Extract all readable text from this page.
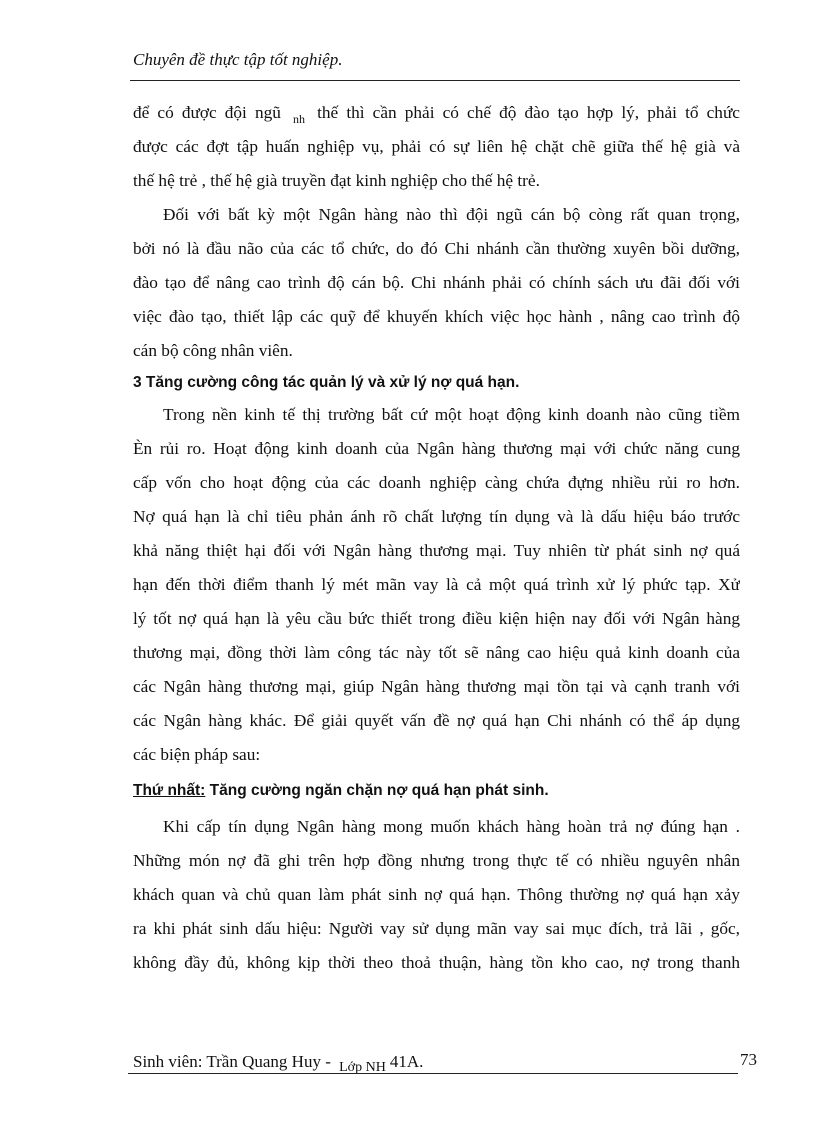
Chuyên đề thực tập tốt nghiệp.
để có được đội ngũ $_{nh}$ thế thì cần phải có chế độ đào tạo hợp lý, phải tổ chức
được các đợt tập huấn nghiệp vụ, phải có sự liên hệ chặt chẽ giữa thế hệ già và
thế hệ trẻ , thế hệ già truyền đạt kinh nghiệp cho thế hệ trẻ.
Đối với bất kỳ một Ngân hàng nào thì đội ngũ cán bộ còng rất quan trọng,
bởi nó là đầu não của các tổ chức, do đó Chi nhánh cần thường xuyên bồi dưỡng,
đào tạo để nâng cao trình độ cán bộ. Chi nhánh phải có chính sách ưu đãi đối với
việc đào tạo, thiết lập các quỹ để khuyến khích việc học hành , nâng cao trình độ
cán bộ công nhân viên.
3 Tăng cường công tác quản lý và xử lý nợ quá hạn.
Trong nền kinh tế thị trường bất cứ một hoạt động kinh doanh nào cũng tiềm
Èn rủi ro. Hoạt động kinh doanh của Ngân hàng thương mại với chức năng cung
cấp vốn cho hoạt động của các doanh nghiệp càng chứa đựng nhiều rủi ro hơn.
Nợ quá hạn là chỉ tiêu phản ánh rõ chất lượng tín dụng và là dấu hiệu báo trước
khả năng thiệt hại đối với Ngân hàng thương mại. Tuy nhiên từ phát sinh nợ quá
hạn đến thời điểm thanh lý mét mãn vay là cả một quá trình xử lý phức tạp. Xử
lý tốt nợ quá hạn là yêu cầu bức thiết trong điều kiện hiện nay đối với Ngân hàng
thương mại, đồng thời làm công tác này tốt sẽ nâng cao hiệu quả kinh doanh của
các Ngân hàng thương mại, giúp Ngân hàng thương mại tồn tại và cạnh tranh với
các Ngân hàng khác. Để giải quyết vấn đề nợ quá hạn Chi nhánh có thể áp dụng
các biện pháp sau:
Thứ nhất: Tăng cường ngăn chặn nợ quá hạn phát sinh.
Khi cấp tín dụng Ngân hàng mong muốn khách hàng hoàn trả nợ đúng hạn .
Những món nợ đã ghi trên hợp đồng nhưng trong thực tế có nhiều nguyên nhân
khách quan và chủ quan làm phát sinh nợ quá hạn. Thông thường nợ quá hạn xảy
ra khi phát sinh dấu hiệu: Người vay sử dụng mãn vay sai mục đích, trả lãi , gốc,
không đầy đủ, không kịp thời theo thoả thuận, hàng tồn kho cao, nợ trong thanh
Sinh viên: Trần Quang Huy - $_{Lớp NH}$ 41A.	73
